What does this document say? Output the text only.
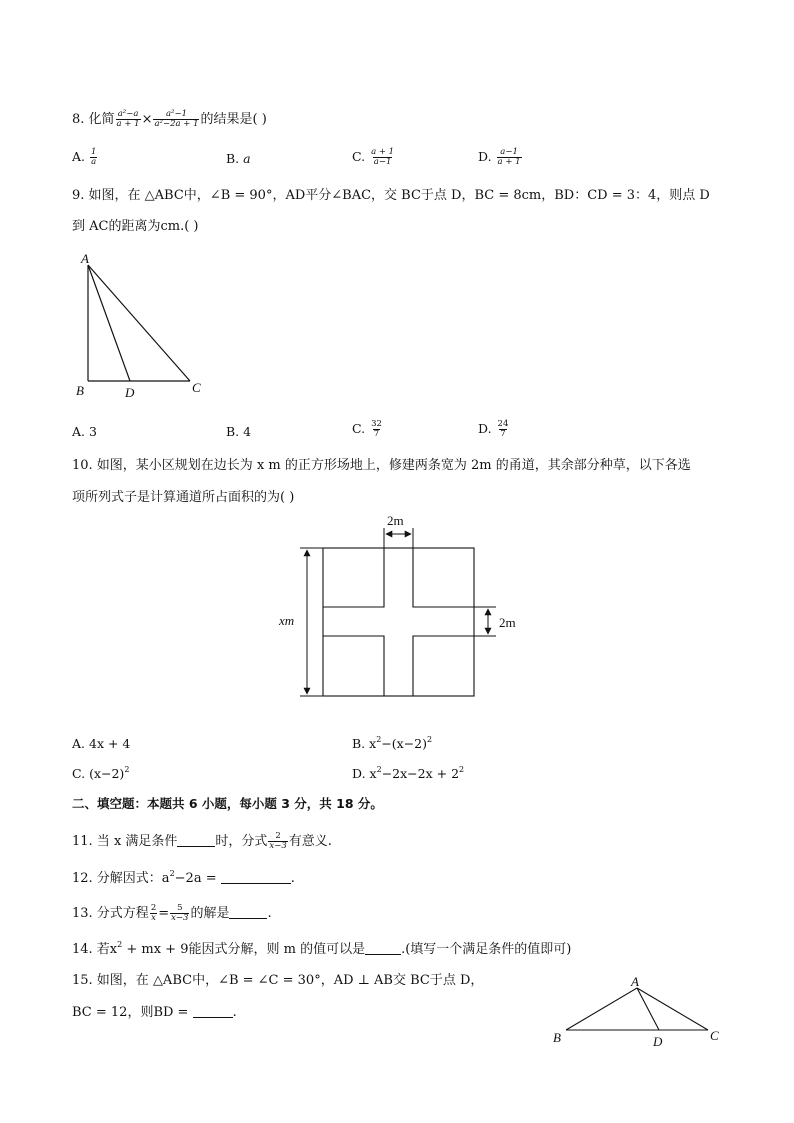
8. 化简 $\frac{\text{a²−a}}{a + 1} \times \frac{\text{a²−1}}{\text{a²−2a + 1}}$ 的结果是( )
A. $\frac{1}{a}$	B. a	C. $\frac{a + 1}{a-1}$	D. $\frac{a-1}{a + 1}$
9. 如图，在 △ABC中，∠B = 90°，AD平分∠BAC，交 BC于点 D，BC = 8cm，BD：CD = 3：4，则点 D
到 AC的距离为cm.( )
A
B	D	C
A. 3	B. 4	C. $\frac{32}{7}$	D. $\frac{24}{7}$
10. 如图，某小区规划在边长为 x m 的正方形场地上，修建两条宽为 2m 的甬道，其余部分种草，以下各选
项所列式子是计算通道所占面积的为( )
2m
2m
xm
A. 4x + 4	B. $x^2-(x-2)^2$
C. $(x-2)^2$	D. $x^2-2x-2x + 2^2$
二、填空题：本题共 6 小题，每小题 3 分，共 18 分。
11. 当 x 满足条件	时，分式 $\frac{2}{x-3}$ 有意义.
12. 分解因式：$a^2-2a$ =	.
13. 分式方程 $\frac{2}{x} = \frac{5}{x-3}$ 的解是	.
14. 若$x^2$ + mx + 9能因式分解，则 m 的值可以是	.(填写一个满足条件的值即可)
15. 如图，在 △ABC中，∠B = ∠C = 30°，AD ⊥ AB交 BC于点 D，
BC = 12，则BD =	.
A
B	D	C
